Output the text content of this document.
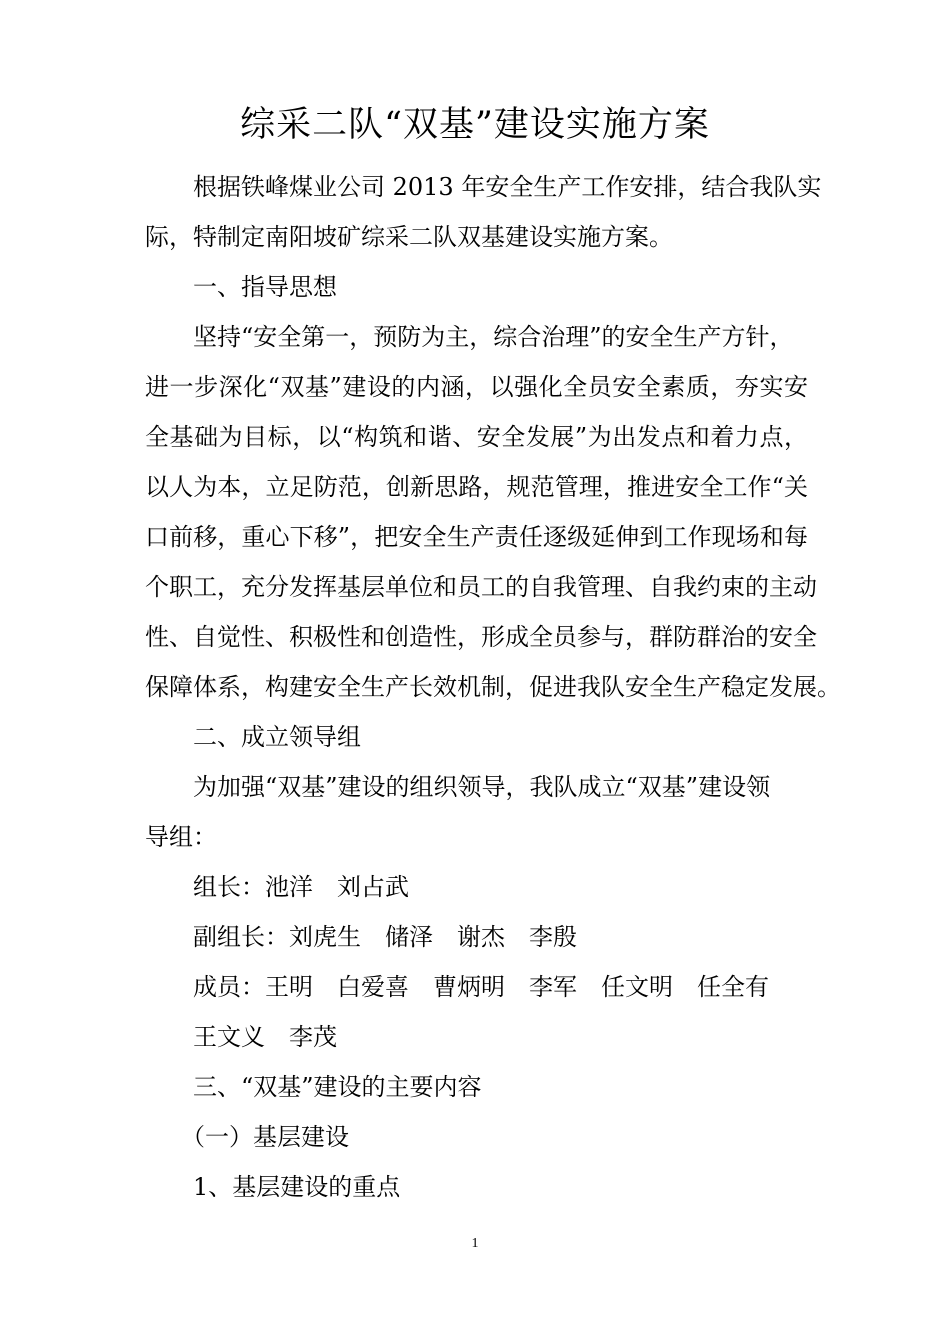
综采二队“双基”建设实施方案
根据铁峰煤业公司 2013 年安全生产工作安排，结合我队实
际，特制定南阳坡矿综采二队双基建设实施方案。
一、指导思想
坚持“安全第一，预防为主，综合治理”的安全生产方针，
进一步深化“双基”建设的内涵，以强化全员安全素质，夯实安
全基础为目标，以“构筑和谐、安全发展”为出发点和着力点，
以人为本，立足防范，创新思路，规范管理，推进安全工作“关
口前移，重心下移”，把安全生产责任逐级延伸到工作现场和每
个职工，充分发挥基层单位和员工的自我管理、自我约束的主动
性、自觉性、积极性和创造性，形成全员参与，群防群治的安全
保障体系，构建安全生产长效机制，促进我队安全生产稳定发展。
二、成立领导组
为加强“双基”建设的组织领导，我队成立“双基”建设领
导组：
组长：池洋 刘占武
副组长：刘虎生 储泽 谢杰 李殷
成员：王明 白爱喜 曹炳明 李军 任文明 任全有
王文义 李茂
三、“双基”建设的主要内容
（一）基层建设
1、基层建设的重点
1
